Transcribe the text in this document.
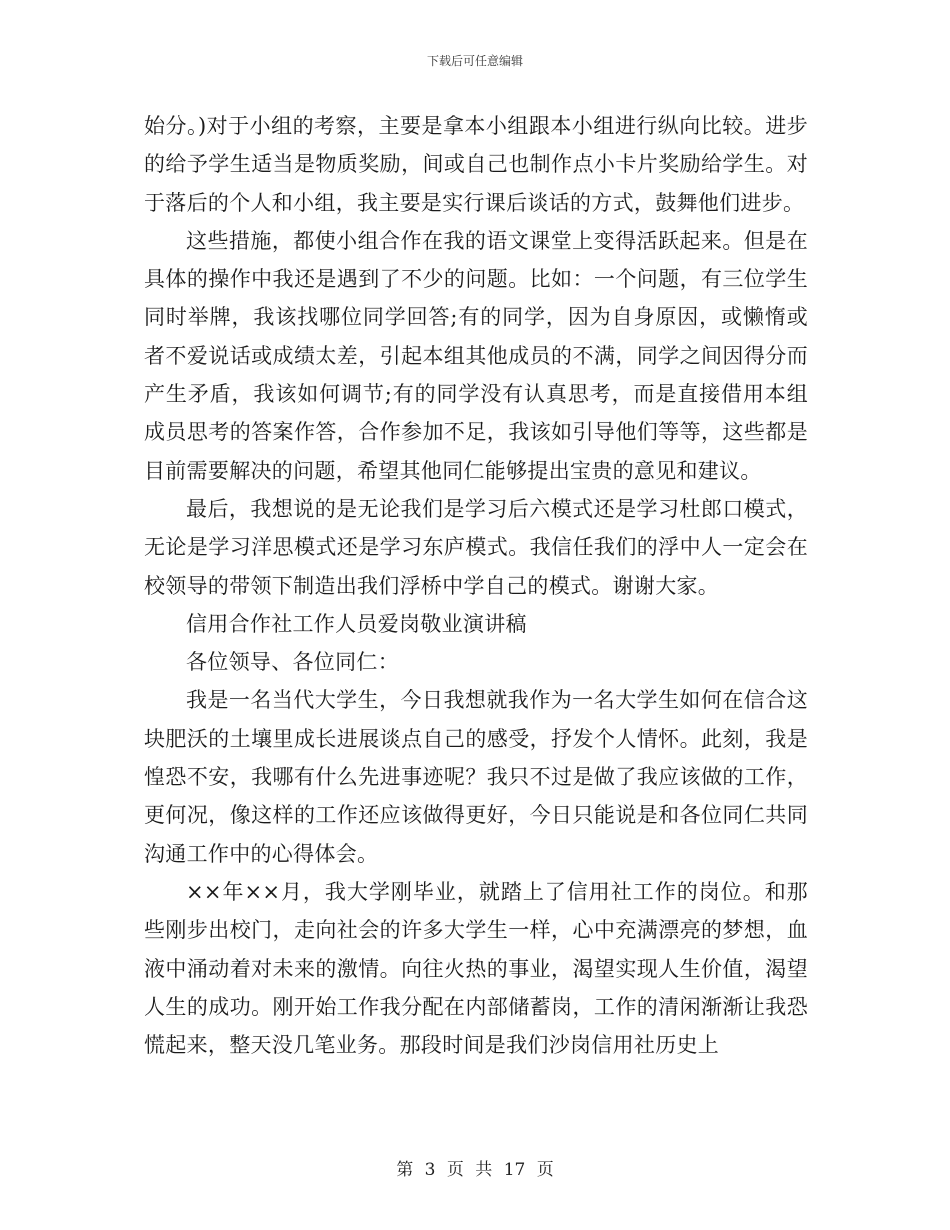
下载后可任意编辑

始分。)对于小组的考察，主要是拿本小组跟本小组进行纵向比较。进步的给予学生适当是物质奖励，间或自己也制作点小卡片奖励给学生。对于落后的个人和小组，我主要是实行课后谈话的方式，鼓舞他们进步。

这些措施，都使小组合作在我的语文课堂上变得活跃起来。但是在具体的操作中我还是遇到了不少的问题。比如：一个问题，有三位学生同时举牌，我该找哪位同学回答;有的同学，因为自身原因，或懒惰或者不爱说话或成绩太差，引起本组其他成员的不满，同学之间因得分而产生矛盾，我该如何调节;有的同学没有认真思考，而是直接借用本组成员思考的答案作答，合作参加不足，我该如引导他们等等，这些都是目前需要解决的问题，希望其他同仁能够提出宝贵的意见和建议。

最后，我想说的是无论我们是学习后六模式还是学习杜郎口模式，无论是学习洋思模式还是学习东庐模式。我信任我们的浮中人一定会在校领导的带领下制造出我们浮桥中学自己的模式。谢谢大家。

信用合作社工作人员爱岗敬业演讲稿

各位领导、各位同仁：

我是一名当代大学生，今日我想就我作为一名大学生如何在信合这块肥沃的土壤里成长进展谈点自己的感受，抒发个人情怀。此刻，我是惶恐不安，我哪有什么先进事迹呢？我只不过是做了我应该做的工作，更何况，像这样的工作还应该做得更好，今日只能说是和各位同仁共同沟通工作中的心得体会。

××年××月，我大学刚毕业，就踏上了信用社工作的岗位。和那些刚步出校门，走向社会的许多大学生一样，心中充满漂亮的梦想，血液中涌动着对未来的激情。向往火热的事业，渴望实现人生价值，渴望人生的成功。刚开始工作我分配在内部储蓄岗，工作的清闲渐渐让我恐慌起来，整天没几笔业务。那段时间是我们沙岗信用社历史上

第 3 页 共 17 页
